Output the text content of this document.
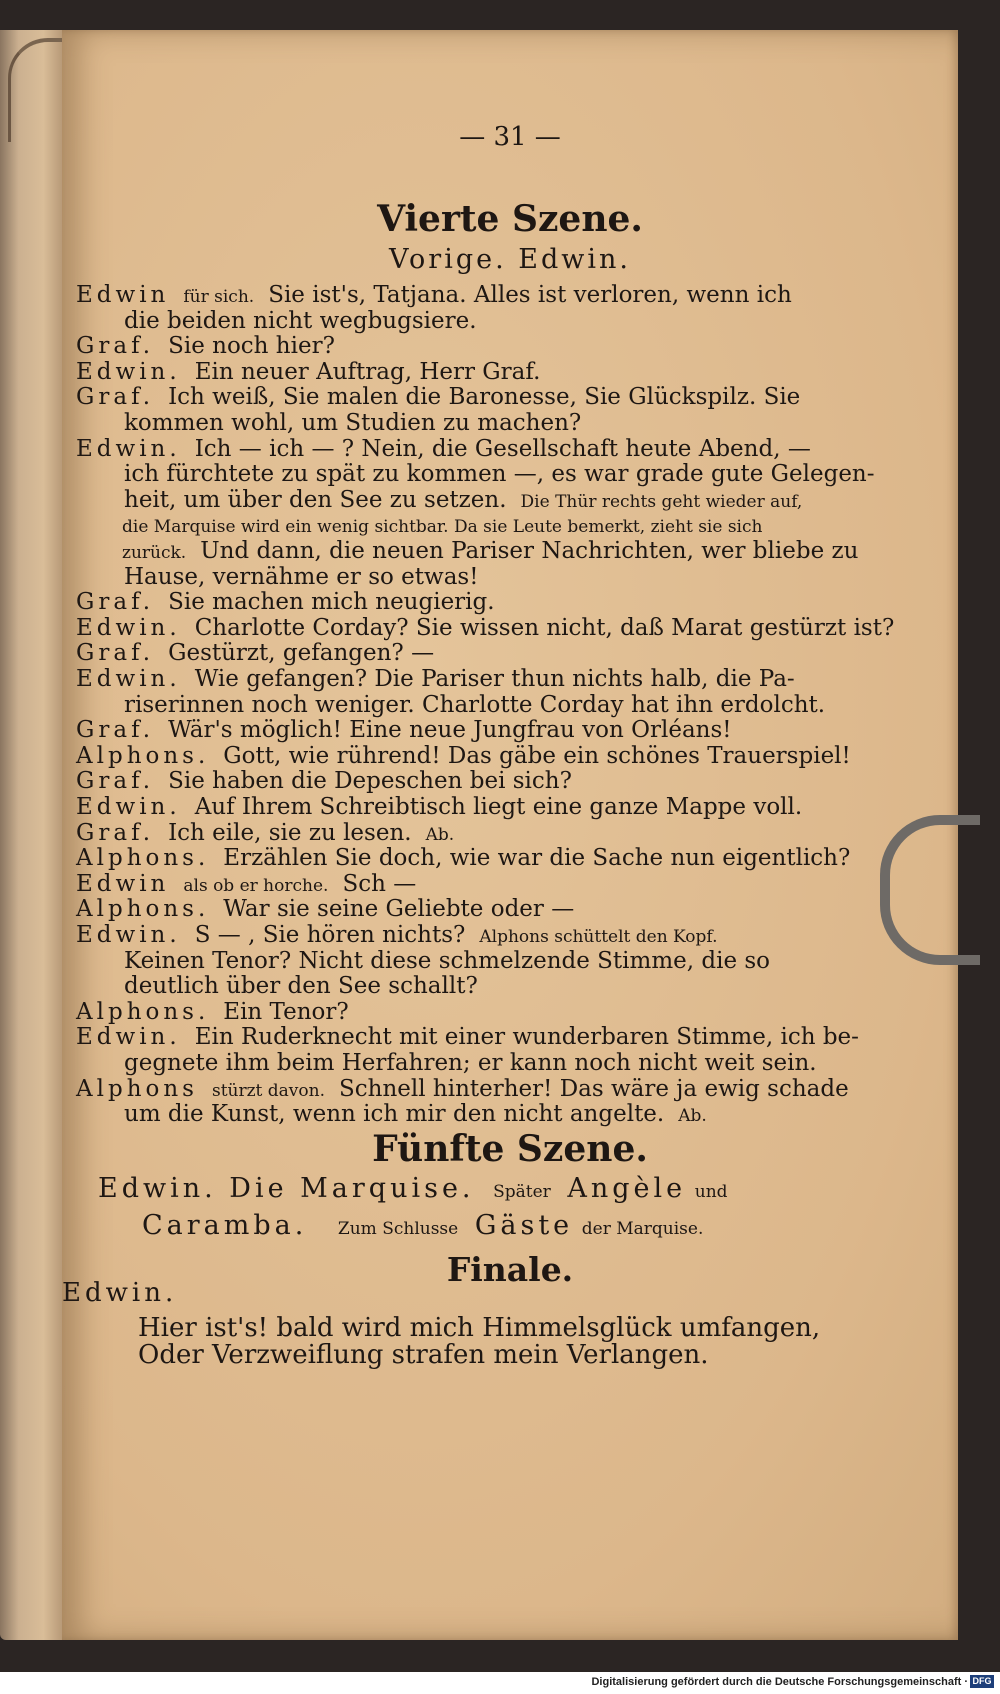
— 31 —
Vierte Szene.
Vorige. Edwin.
Edwin für sich. Sie ist's, Tatjana. Alles ist verloren, wenn ich
die beiden nicht wegbugsiere.
Graf. Sie noch hier?
Edwin. Ein neuer Auftrag, Herr Graf.
Graf. Ich weiß, Sie malen die Baronesse, Sie Glückspilz. Sie
kommen wohl, um Studien zu machen?
Edwin. Ich — ich — ? Nein, die Gesellschaft heute Abend, —
ich fürchtete zu spät zu kommen —, es war grade gute Gelegen-
heit, um über den See zu setzen. Die Thür rechts geht wieder auf,
die Marquise wird ein wenig sichtbar. Da sie Leute bemerkt, zieht sie sich
zurück. Und dann, die neuen Pariser Nachrichten, wer bliebe zu
Hause, vernähme er so etwas!
Graf. Sie machen mich neugierig.
Edwin. Charlotte Corday? Sie wissen nicht, daß Marat gestürzt ist?
Graf. Gestürzt, gefangen? —
Edwin. Wie gefangen? Die Pariser thun nichts halb, die Pa-
riserinnen noch weniger. Charlotte Corday hat ihn erdolcht.
Graf. Wär's möglich! Eine neue Jungfrau von Orléans!
Alphons. Gott, wie rührend! Das gäbe ein schönes Trauerspiel!
Graf. Sie haben die Depeschen bei sich?
Edwin. Auf Ihrem Schreibtisch liegt eine ganze Mappe voll.
Graf. Ich eile, sie zu lesen. Ab.
Alphons. Erzählen Sie doch, wie war die Sache nun eigentlich?
Edwin als ob er horche. Sch —
Alphons. War sie seine Geliebte oder —
Edwin. S — , Sie hören nichts? Alphons schüttelt den Kopf.
Keinen Tenor? Nicht diese schmelzende Stimme, die so
deutlich über den See schallt?
Alphons. Ein Tenor?
Edwin. Ein Ruderknecht mit einer wunderbaren Stimme, ich be-
gegnete ihm beim Herfahren; er kann noch nicht weit sein.
Alphons stürzt davon. Schnell hinterher! Das wäre ja ewig schade
um die Kunst, wenn ich mir den nicht angelte. Ab.
Fünfte Szene.
Edwin. Die Marquise. Später Angèle und
Caramba. Zum Schlusse Gäste der Marquise.
Finale.
Edwin.
Hier ist's! bald wird mich Himmelsglück umfangen,
Oder Verzweiflung strafen mein Verlangen.
Digitalisierung gefördert durch die Deutsche Forschungsgemeinschaft · DFG
